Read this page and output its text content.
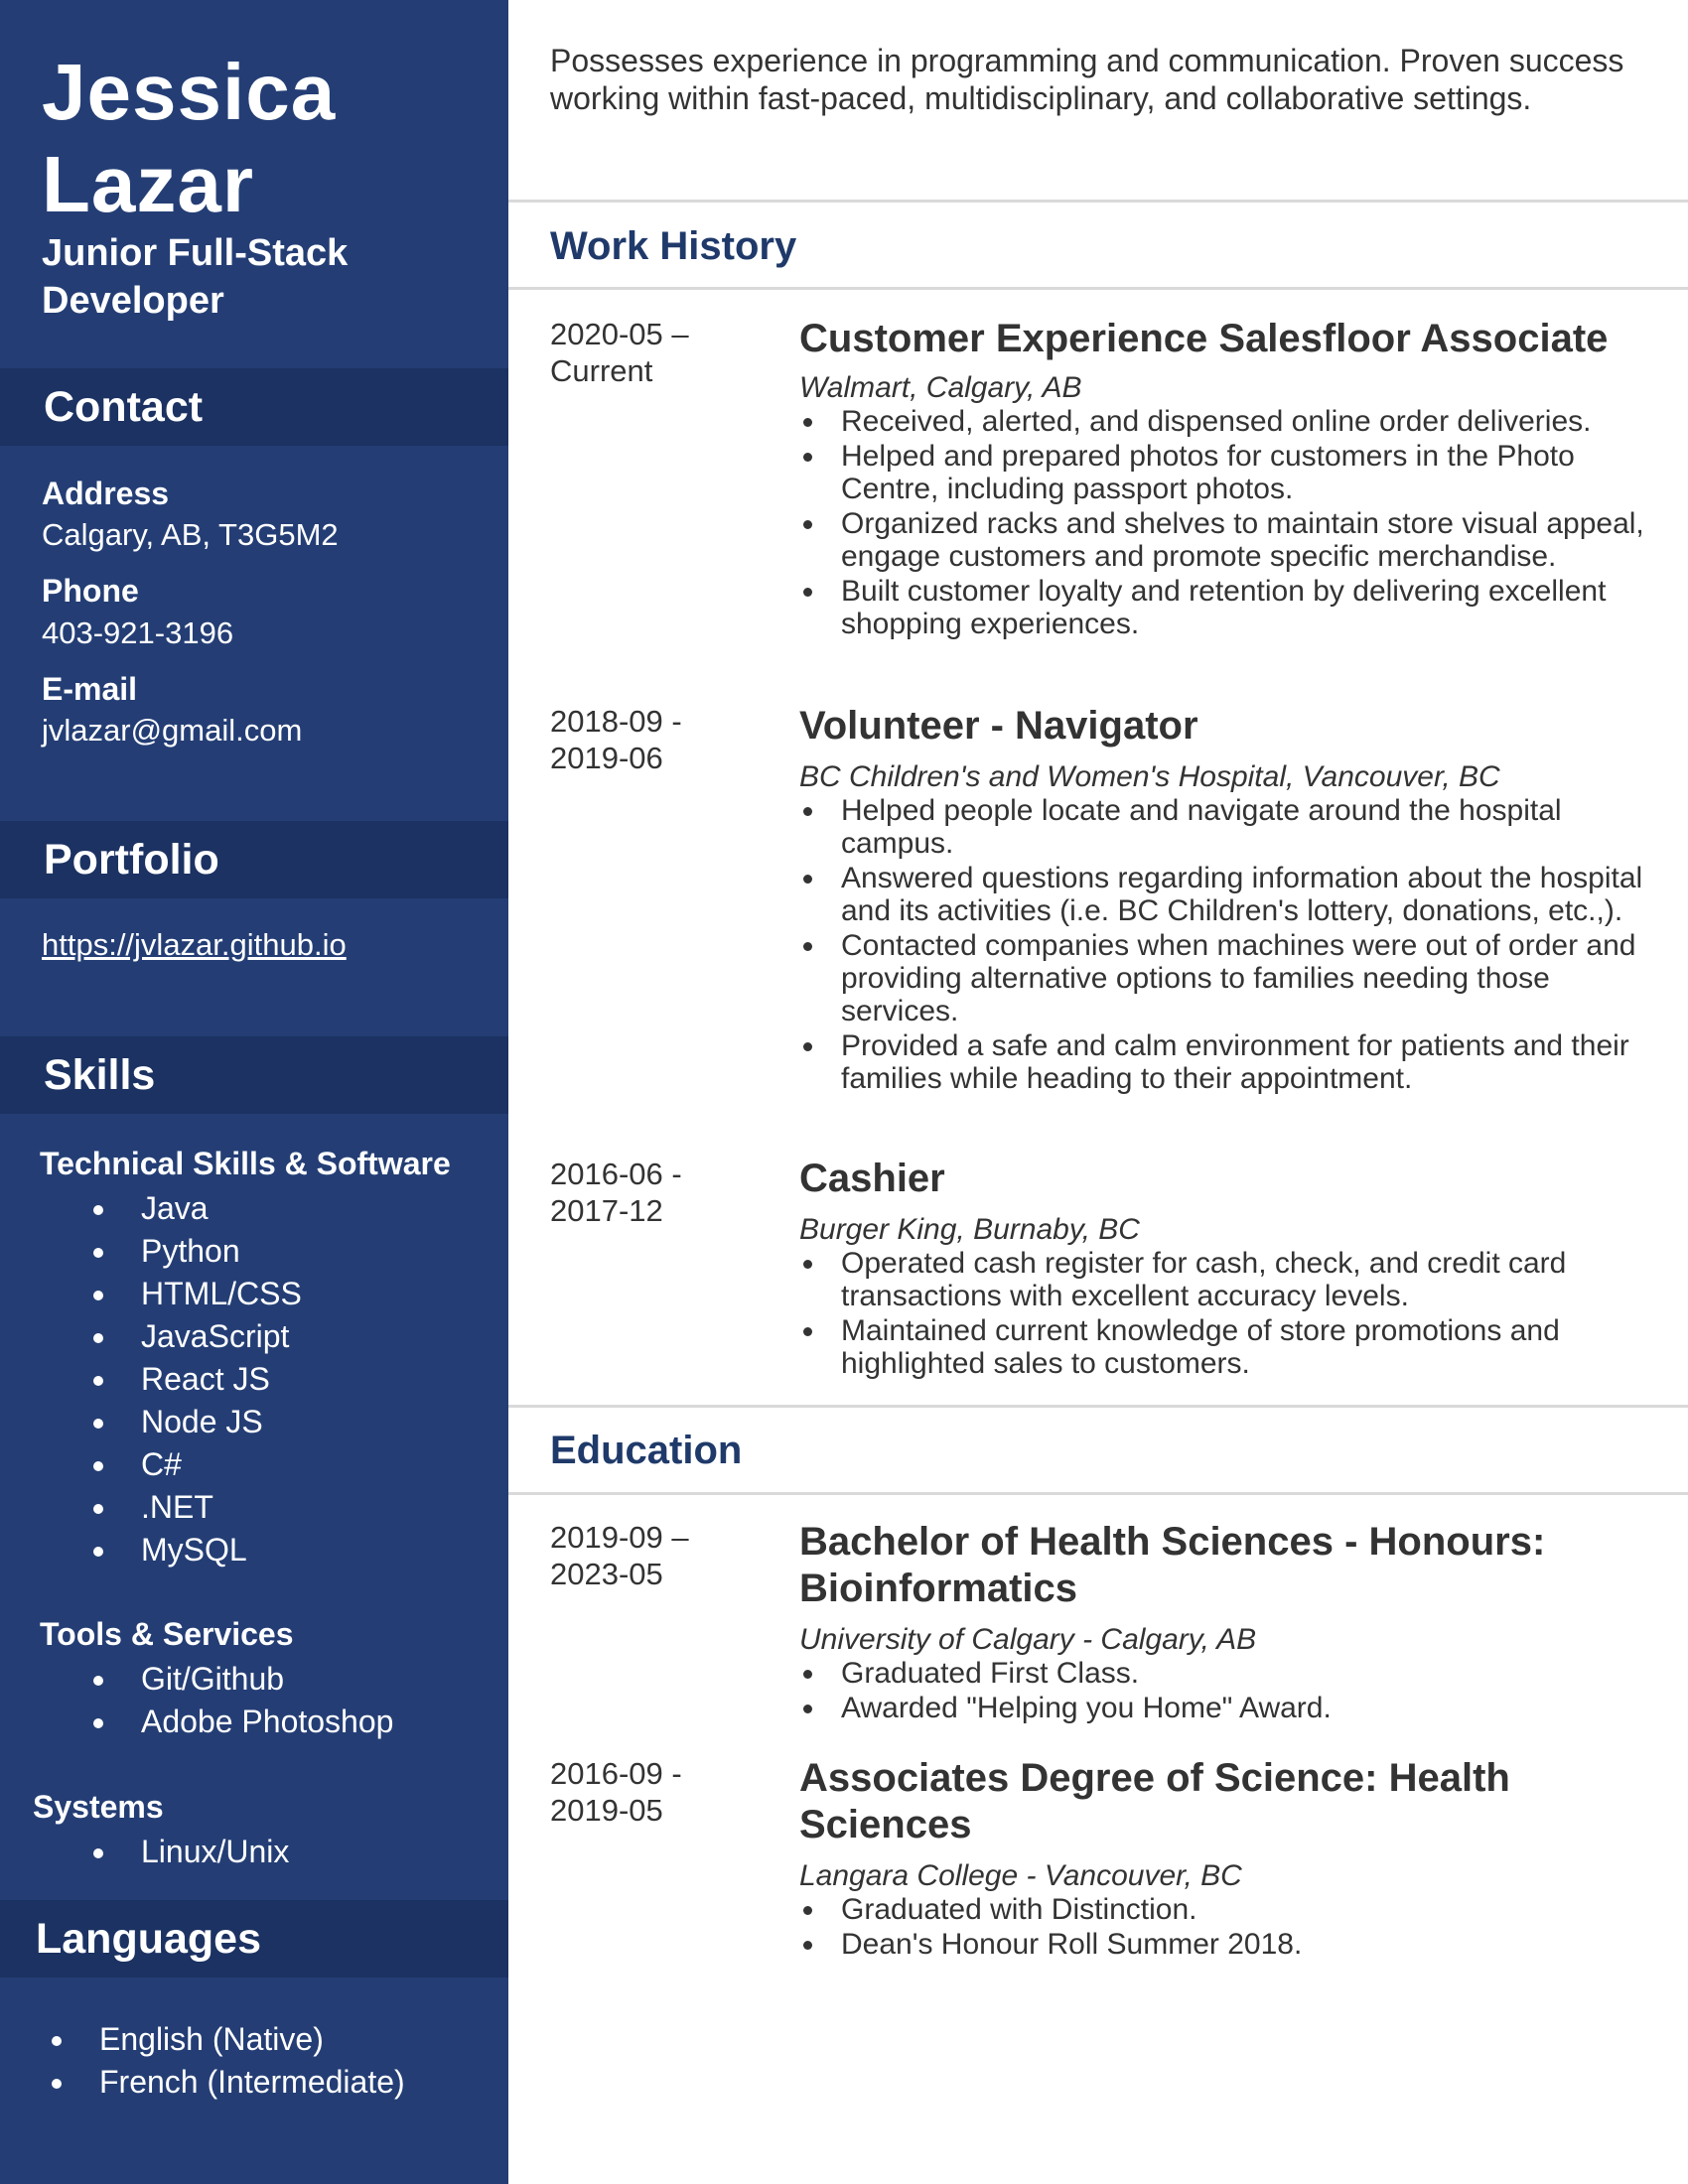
Jessica
Lazar
Junior Full-Stack
Developer
Contact
Address
Calgary, AB, T3G5M2
Phone
403-921-3196
E-mail
jvlazar@gmail.com
Portfolio
https://jvlazar.github.io
Skills
Technical Skills & Software
Java
Python
HTML/CSS
JavaScript
React JS
Node JS
C#
.NET
MySQL
Tools & Services
Git/Github
Adobe Photoshop
Systems
Linux/Unix
Languages
English (Native)
French (Intermediate)
Possesses experience in programming and communication. Proven success working within fast-paced, multidisciplinary, and collaborative settings.
Work History
2020-05 –
Current
Customer Experience Salesfloor Associate
Walmart, Calgary, AB
Received, alerted, and dispensed online order deliveries.
Helped and prepared photos for customers in the Photo Centre, including passport photos.
Organized racks and shelves to maintain store visual appeal, engage customers and promote specific merchandise.
Built customer loyalty and retention by delivering excellent shopping experiences.
2018-09 -
2019-06
Volunteer - Navigator
BC Children's and Women's Hospital, Vancouver, BC
Helped people locate and navigate around the hospital campus.
Answered questions regarding information about the hospital and its activities (i.e. BC Children's lottery, donations, etc.,).
Contacted companies when machines were out of order and providing alternative options to families needing those services.
Provided a safe and calm environment for patients and their families while heading to their appointment.
2016-06 -
2017-12
Cashier
Burger King, Burnaby, BC
Operated cash register for cash, check, and credit card transactions with excellent accuracy levels.
Maintained current knowledge of store promotions and highlighted sales to customers.
Education
2019-09 –
2023-05
Bachelor of Health Sciences - Honours: Bioinformatics
University of Calgary - Calgary, AB
Graduated First Class.
Awarded "Helping you Home" Award.
2016-09 -
2019-05
Associates Degree of Science: Health Sciences
Langara College - Vancouver, BC
Graduated with Distinction.
Dean's Honour Roll Summer 2018.
